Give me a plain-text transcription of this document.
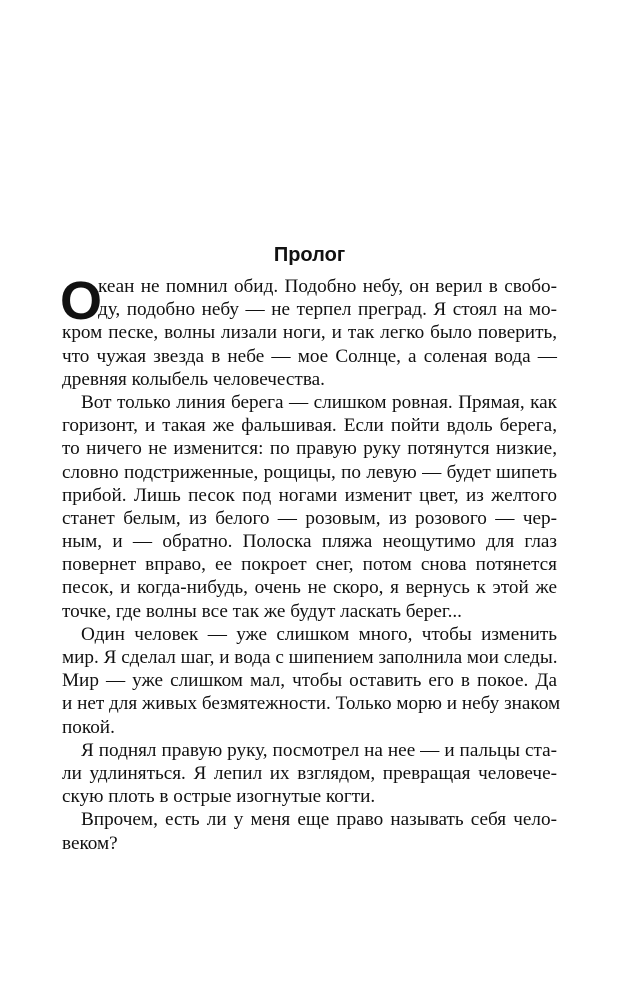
Пролог
О
кеан не помнил обид. Подобно небу, он верил в свобо-
ду, подобно небу — не терпел преград. Я стоял на мо-
кром песке, волны лизали ноги, и так легко было поверить,
что чужая звезда в небе — мое Солнце, а соленая вода —
древняя колыбель человечества.
Вот только линия берега — слишком ровная. Прямая, как
горизонт, и такая же фальшивая. Если пойти вдоль берега,
то ничего не изменится: по правую руку потянутся низкие,
словно подстриженные, рощицы, по левую — будет шипеть
прибой. Лишь песок под ногами изменит цвет, из желтого
станет белым, из белого — розовым, из розового — чер-
ным, и — обратно. Полоска пляжа неощутимо для глаз
повернет вправо, ее покроет снег, потом снова потянется
песок, и когда-нибудь, очень не скоро, я вернусь к этой же
точке, где волны все так же будут ласкать берег...
Один человек — уже слишком много, чтобы изменить
мир. Я сделал шаг, и вода с шипением заполнила мои следы.
Мир — уже слишком мал, чтобы оставить его в покое. Да
и нет для живых безмятежности. Только морю и небу знаком
покой.
Я поднял правую руку, посмотрел на нее — и пальцы ста-
ли удлиняться. Я лепил их взглядом, превращая человече-
скую плоть в острые изогнутые когти.
Впрочем, есть ли у меня еще право называть себя чело-
веком?
